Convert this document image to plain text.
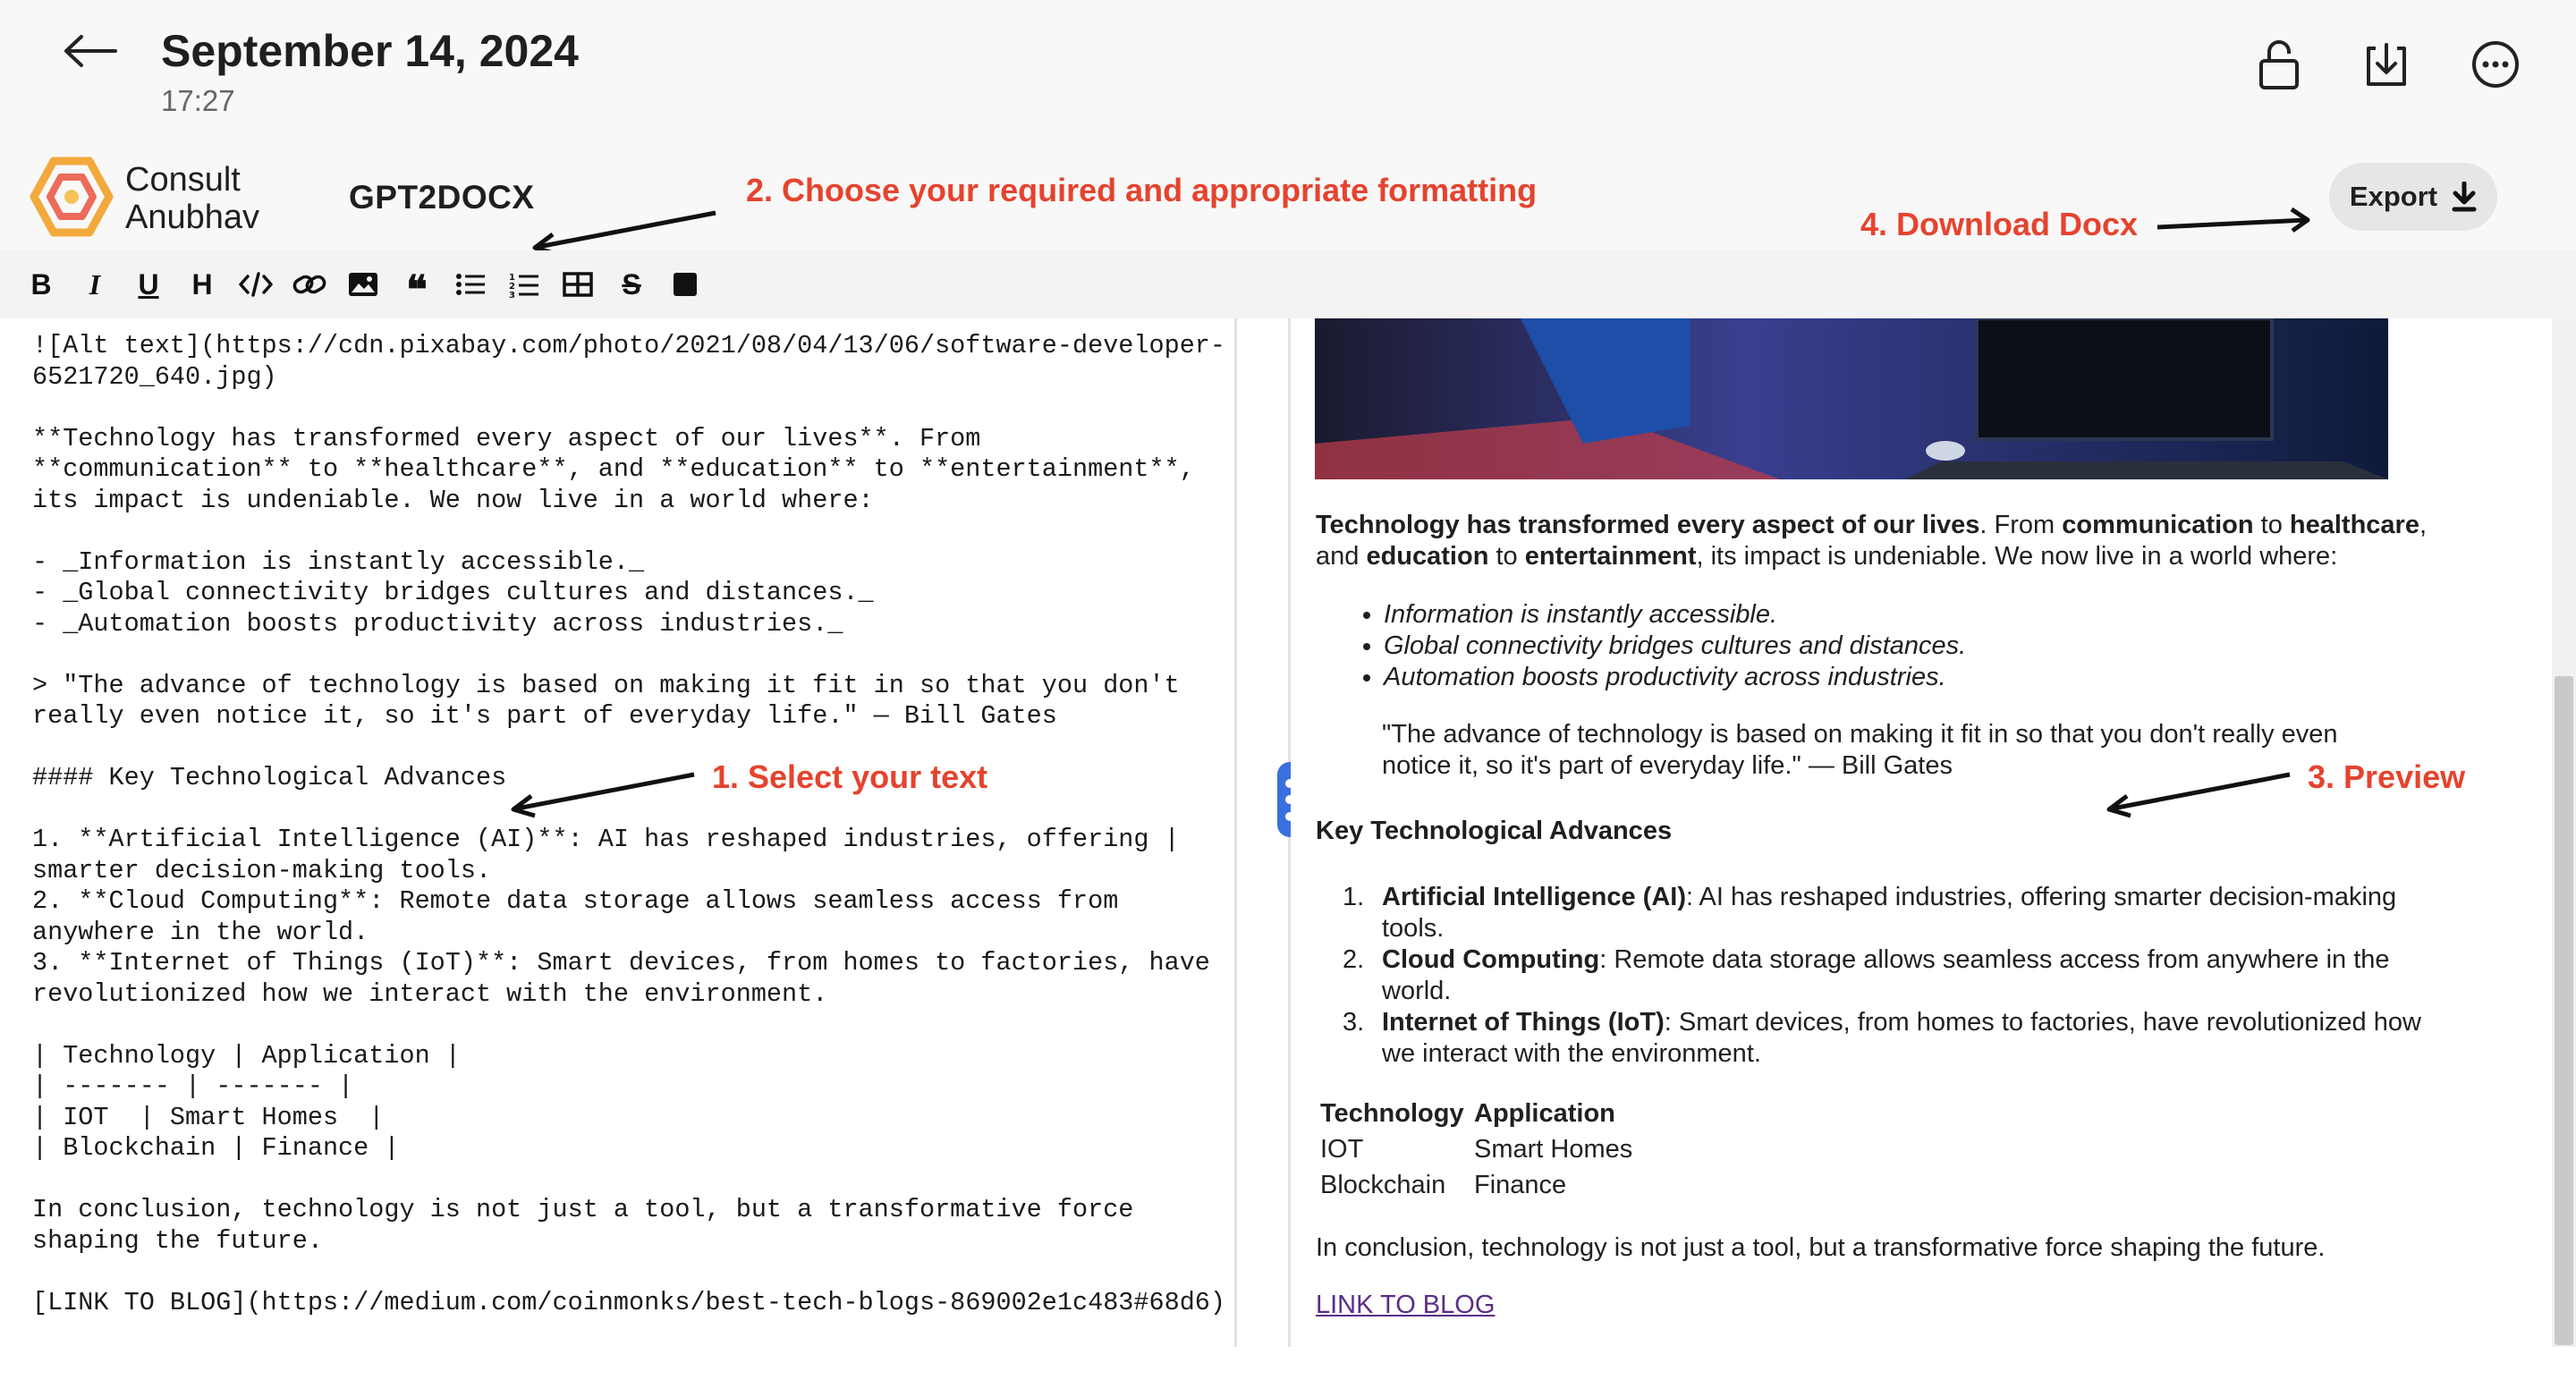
September 14, 2024
17:27
Consult
Anubhav
GPT2DOCX	2. Choose your required and appropriate formatting
4. Download Docx
Export
B I U H	❝	1
2
3	S
![Alt text](https://cdn.pixabay.com/photo/2021/08/04/13/06/software-developer-
6521720_640.jpg)

**Technology has transformed every aspect of our lives**. From
**communication** to **healthcare**, and **education** to **entertainment**,
its impact is undeniable. We now live in a world where:

- _Information is instantly accessible._
- _Global connectivity bridges cultures and distances._
- _Automation boosts productivity across industries._

> "The advance of technology is based on making it fit in so that you don't
really even notice it, so it's part of everyday life." — Bill Gates

#### Key Technological Advances

1. **Artificial Intelligence (AI)**: AI has reshaped industries, offering |
smarter decision-making tools.
2. **Cloud Computing**: Remote data storage allows seamless access from
anywhere in the world.
3. **Internet of Things (IoT)**: Smart devices, from homes to factories, have
revolutionized how we interact with the environment.

| Technology | Application |
| ------- | ------- |
| IOT  | Smart Homes  |
| Blockchain | Finance |

In conclusion, technology is not just a tool, but a transformative force
shaping the future.

[LINK TO BLOG](https://medium.com/coinmonks/best-tech-blogs-869002e1c483#68d6)
1. Select your text
Technology has transformed every aspect of our lives. From communication to healthcare,
and education to entertainment, its impact is undeniable. We now live in a world where:
• Information is instantly accessible.
• Global connectivity bridges cultures and distances.
• Automation boosts productivity across industries.
"The advance of technology is based on making it fit in so that you don't really even
notice it, so it's part of everyday life." — Bill Gates
Key Technological Advances
1. Artificial Intelligence (AI): AI has reshaped industries, offering smarter decision-making
tools.
2. Cloud Computing: Remote data storage allows seamless access from anywhere in the
world.
3. Internet of Things (IoT): Smart devices, from homes to factories, have revolutionized how
we interact with the environment.
Technology	Application
IOT	Smart Homes
Blockchain	Finance
In conclusion, technology is not just a tool, but a transformative force shaping the future.
LINK TO BLOG
3. Preview
